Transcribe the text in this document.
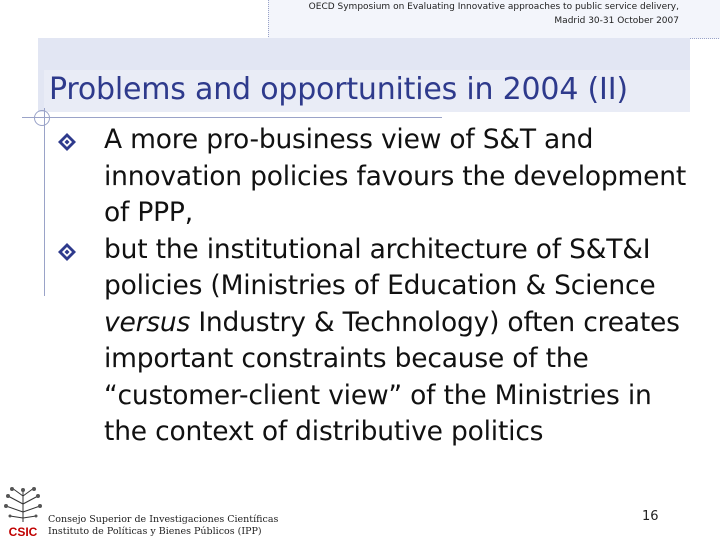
OECD Symposium on Evaluating Innovative approaches to public service delivery,
Madrid 30-31 October 2007
Problems and opportunities in 2004 (II)
A more pro-business view of S&T and innovation policies favours the development of PPP,
but the institutional architecture of S&T&I policies (Ministries of Education & Science versus Industry & Technology) often creates important constraints because of the “customer-client view” of the Ministries in the context of distributive politics
CSIC
Consejo Superior de Investigaciones Científicas
Instituto de Políticas y Bienes Públicos (IPP)
16
